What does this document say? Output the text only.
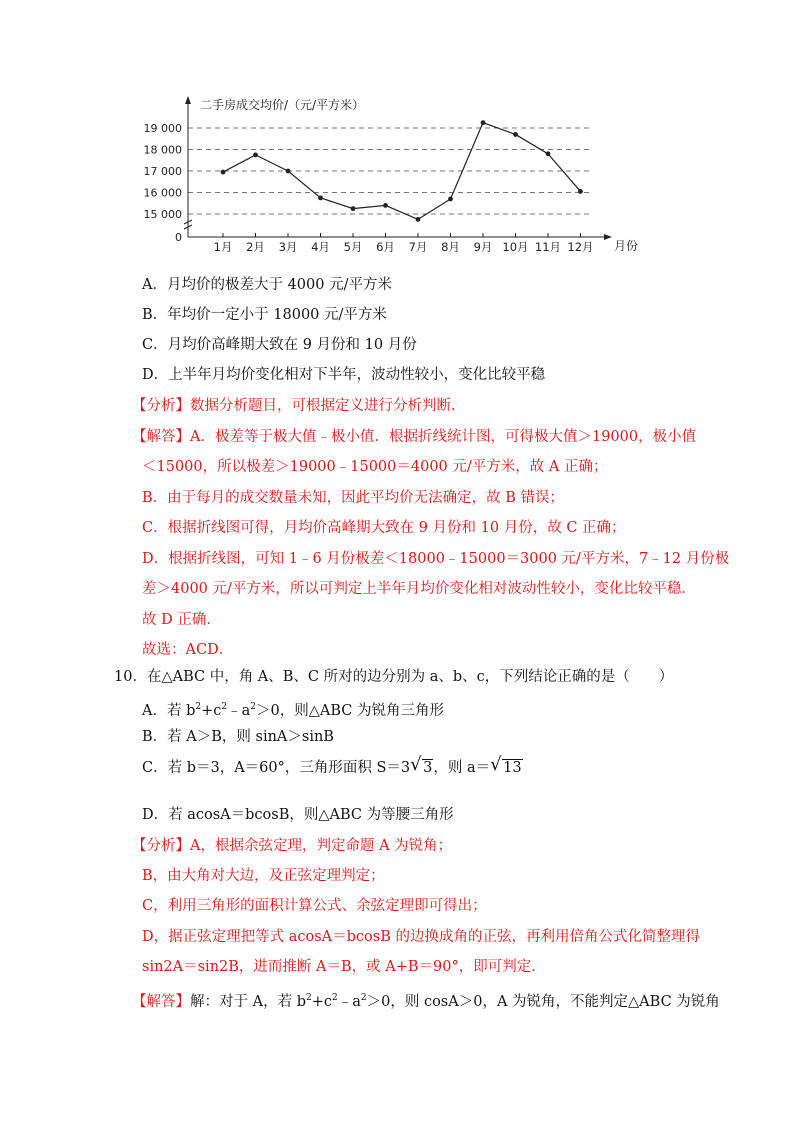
二手房成交均价/（元/平方米）
月份
0
15 000
16 000
17 000
18 000
19 000
1月 2月 3月 4月 5月 6月 7月 8月 9月 10月 11月 12月
A．月均价的极差大于 4000 元/平方米
B．年均价一定小于 18000 元/平方米
C．月均价高峰期大致在 9 月份和 10 月份
D．上半年月均价变化相对下半年，波动性较小，变化比较平稳
【分析】数据分析题目，可根据定义进行分析判断.
【解答】A．极差等于极大值﹣极小值．根据折线统计图，可得极大值＞19000，极小值
＜15000，所以极差＞19000﹣15000＝4000 元/平方米，故 A 正确；
B．由于每月的成交数量未知，因此平均价无法确定，故 B 错误；
C．根据折线图可得，月均价高峰期大致在 9 月份和 10 月份，故 C 正确；
D．根据折线图，可知 1﹣6 月份极差＜18000﹣15000＝3000 元/平方米，7﹣12 月份极
差＞4000 元/平方米，所以可判定上半年月均价变化相对波动性较小，变化比较平稳．
故 D 正确．
故选：ACD．
10．在△ABC 中，角 A、B、C 所对的边分别为 a、b、c，下列结论正确的是（　　）
A．若 $b^2+c^2﹣a^2>0$，则△ABC 为锐角三角形
B．若 A＞B，则 sinA＞sinB
C．若 b＝3，A＝60°，三角形面积 S＝3 √ 3，则 a＝ √ 13
D．若 acosA＝bcosB，则△ABC 为等腰三角形
【分析】A，根据余弦定理，判定命题 A 为锐角；
B，由大角对大边，及正弦定理判定；
C，利用三角形的面积计算公式、余弦定理即可得出；
D，据正弦定理把等式 acosA＝bcosB 的边换成角的正弦，再利用倍角公式化简整理得
sin2A＝sin2B，进而推断 A＝B，或 A+B＝90°，即可判定．
【解答】解：对于 A，若 $b^2+c^2﹣a^2>0$，则 cosA＞0，A 为锐角，不能判定△ABC 为锐角
